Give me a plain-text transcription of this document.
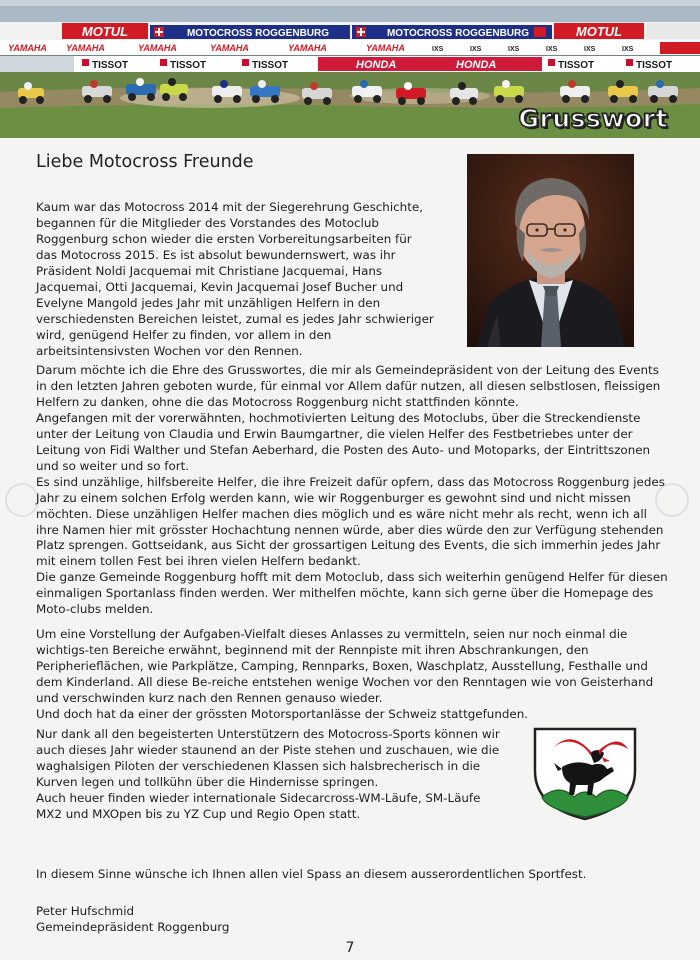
MOTUL	MOTOCROSS ROGGENBURG	MOTOCROSS ROGGENBURG	MOTUL
YAMAHA YAMAHA	YAMAHA	YAMAHA	YAMAHA	YAMAHA	IXS	IXS	IXS	IXS	IXS	IXS
TISSOT	TISSOT	TISSOT	HONDA	HONDA	TISSOT	TISSOT
Grusswort
Liebe Motocross Freunde

Kaum war das Motocross 2014 mit der Siegerehrung Geschichte, begannen für die Mitglieder des Vorstandes des Motoclub Roggenburg schon wieder die ersten Vorbereitungsarbeiten für das Motocross 2015. Es ist absolut bewundernswert, was ihr Präsident Noldi Jacquemai mit Christiane Jacquemai, Hans Jacquemai, Otti Jacquemai, Kevin Jacquemai Josef Bucher und Evelyne Mangold jedes Jahr mit unzähligen Helfern in den verschiedensten Bereichen leistet, zumal es jedes Jahr schwieriger wird, genügend Helfer zu finden, vor allem in den arbeitsintensivsten Wochen vor den Rennen.

Darum möchte ich die Ehre des Grusswortes, die mir als Gemeindepräsident von der Leitung des Events in den letzten Jahren geboten wurde, für einmal vor Allem dafür nutzen, all diesen selbstlosen, fleissigen Helfern zu danken, ohne die das Motocross Roggenburg nicht stattfinden könnte.
Angefangen mit der vorerwähnten, hochmotivierten Leitung des Motoclubs, über die Streckendienste unter der Leitung von Claudia und Erwin Baumgartner, die vielen Helfer des Festbetriebes unter der Leitung von Fidi Walther und Stefan Aeberhard, die Posten des Auto- und Motoparks, der Eintrittszonen und so weiter und so fort.
Es sind unzählige, hilfsbereite Helfer, die ihre Freizeit dafür opfern, dass das Motocross Roggenburg jedes Jahr zu einem solchen Erfolg werden kann, wie wir Roggenburger es gewohnt sind und nicht missen möchten. Diese unzähligen Helfer machen dies möglich und es wäre nicht mehr als recht, wenn ich all ihre Namen hier mit grösster Hochachtung nennen würde, aber dies würde den zur Verfügung stehenden Platz sprengen. Gottseidank, aus Sicht der grossartigen Leitung des Events, die sich immerhin jedes Jahr mit einem tollen Fest bei ihren vielen Helfern bedankt.
Die ganze Gemeinde Roggenburg hofft mit dem Motoclub, dass sich weiterhin genügend Helfer für diesen einmaligen Sportanlass finden werden. Wer mithelfen möchte, kann sich gerne über die Homepage des Moto-clubs melden.

Um eine Vorstellung der Aufgaben-Vielfalt dieses Anlasses zu vermitteln, seien nur noch einmal die wichtigs-ten Bereiche erwähnt, beginnend mit der Rennpiste mit ihren Abschrankungen, den Peripherieflächen, wie Parkplätze, Camping, Rennparks, Boxen, Waschplatz, Ausstellung, Festhalle und dem Kinderland. All diese Be-reiche entstehen wenige Wochen vor den Renntagen wie von Geisterhand und verschwinden kurz nach den Rennen genauso wieder.
Und doch hat da einer der grössten Motorsportanlässe der Schweiz stattgefunden.

Nur dank all den begeisterten Unterstützern des Motocross-Sports können wir auch dieses Jahr wieder staunend an der Piste stehen und zuschauen, wie die waghalsigen Piloten der verschiedenen Klassen sich halsbrecherisch in die Kurven legen und tollkühn über die Hindernisse springen.
Auch heuer finden wieder internationale Sidecarcross-WM-Läufe, SM-Läufe MX2 und MXOpen bis zu YZ Cup und Regio Open statt.

In diesem Sinne wünsche ich Ihnen allen viel Spass an diesem ausserordentlichen Sportfest.

Peter Hufschmid
Gemeindepräsident Roggenburg
7
